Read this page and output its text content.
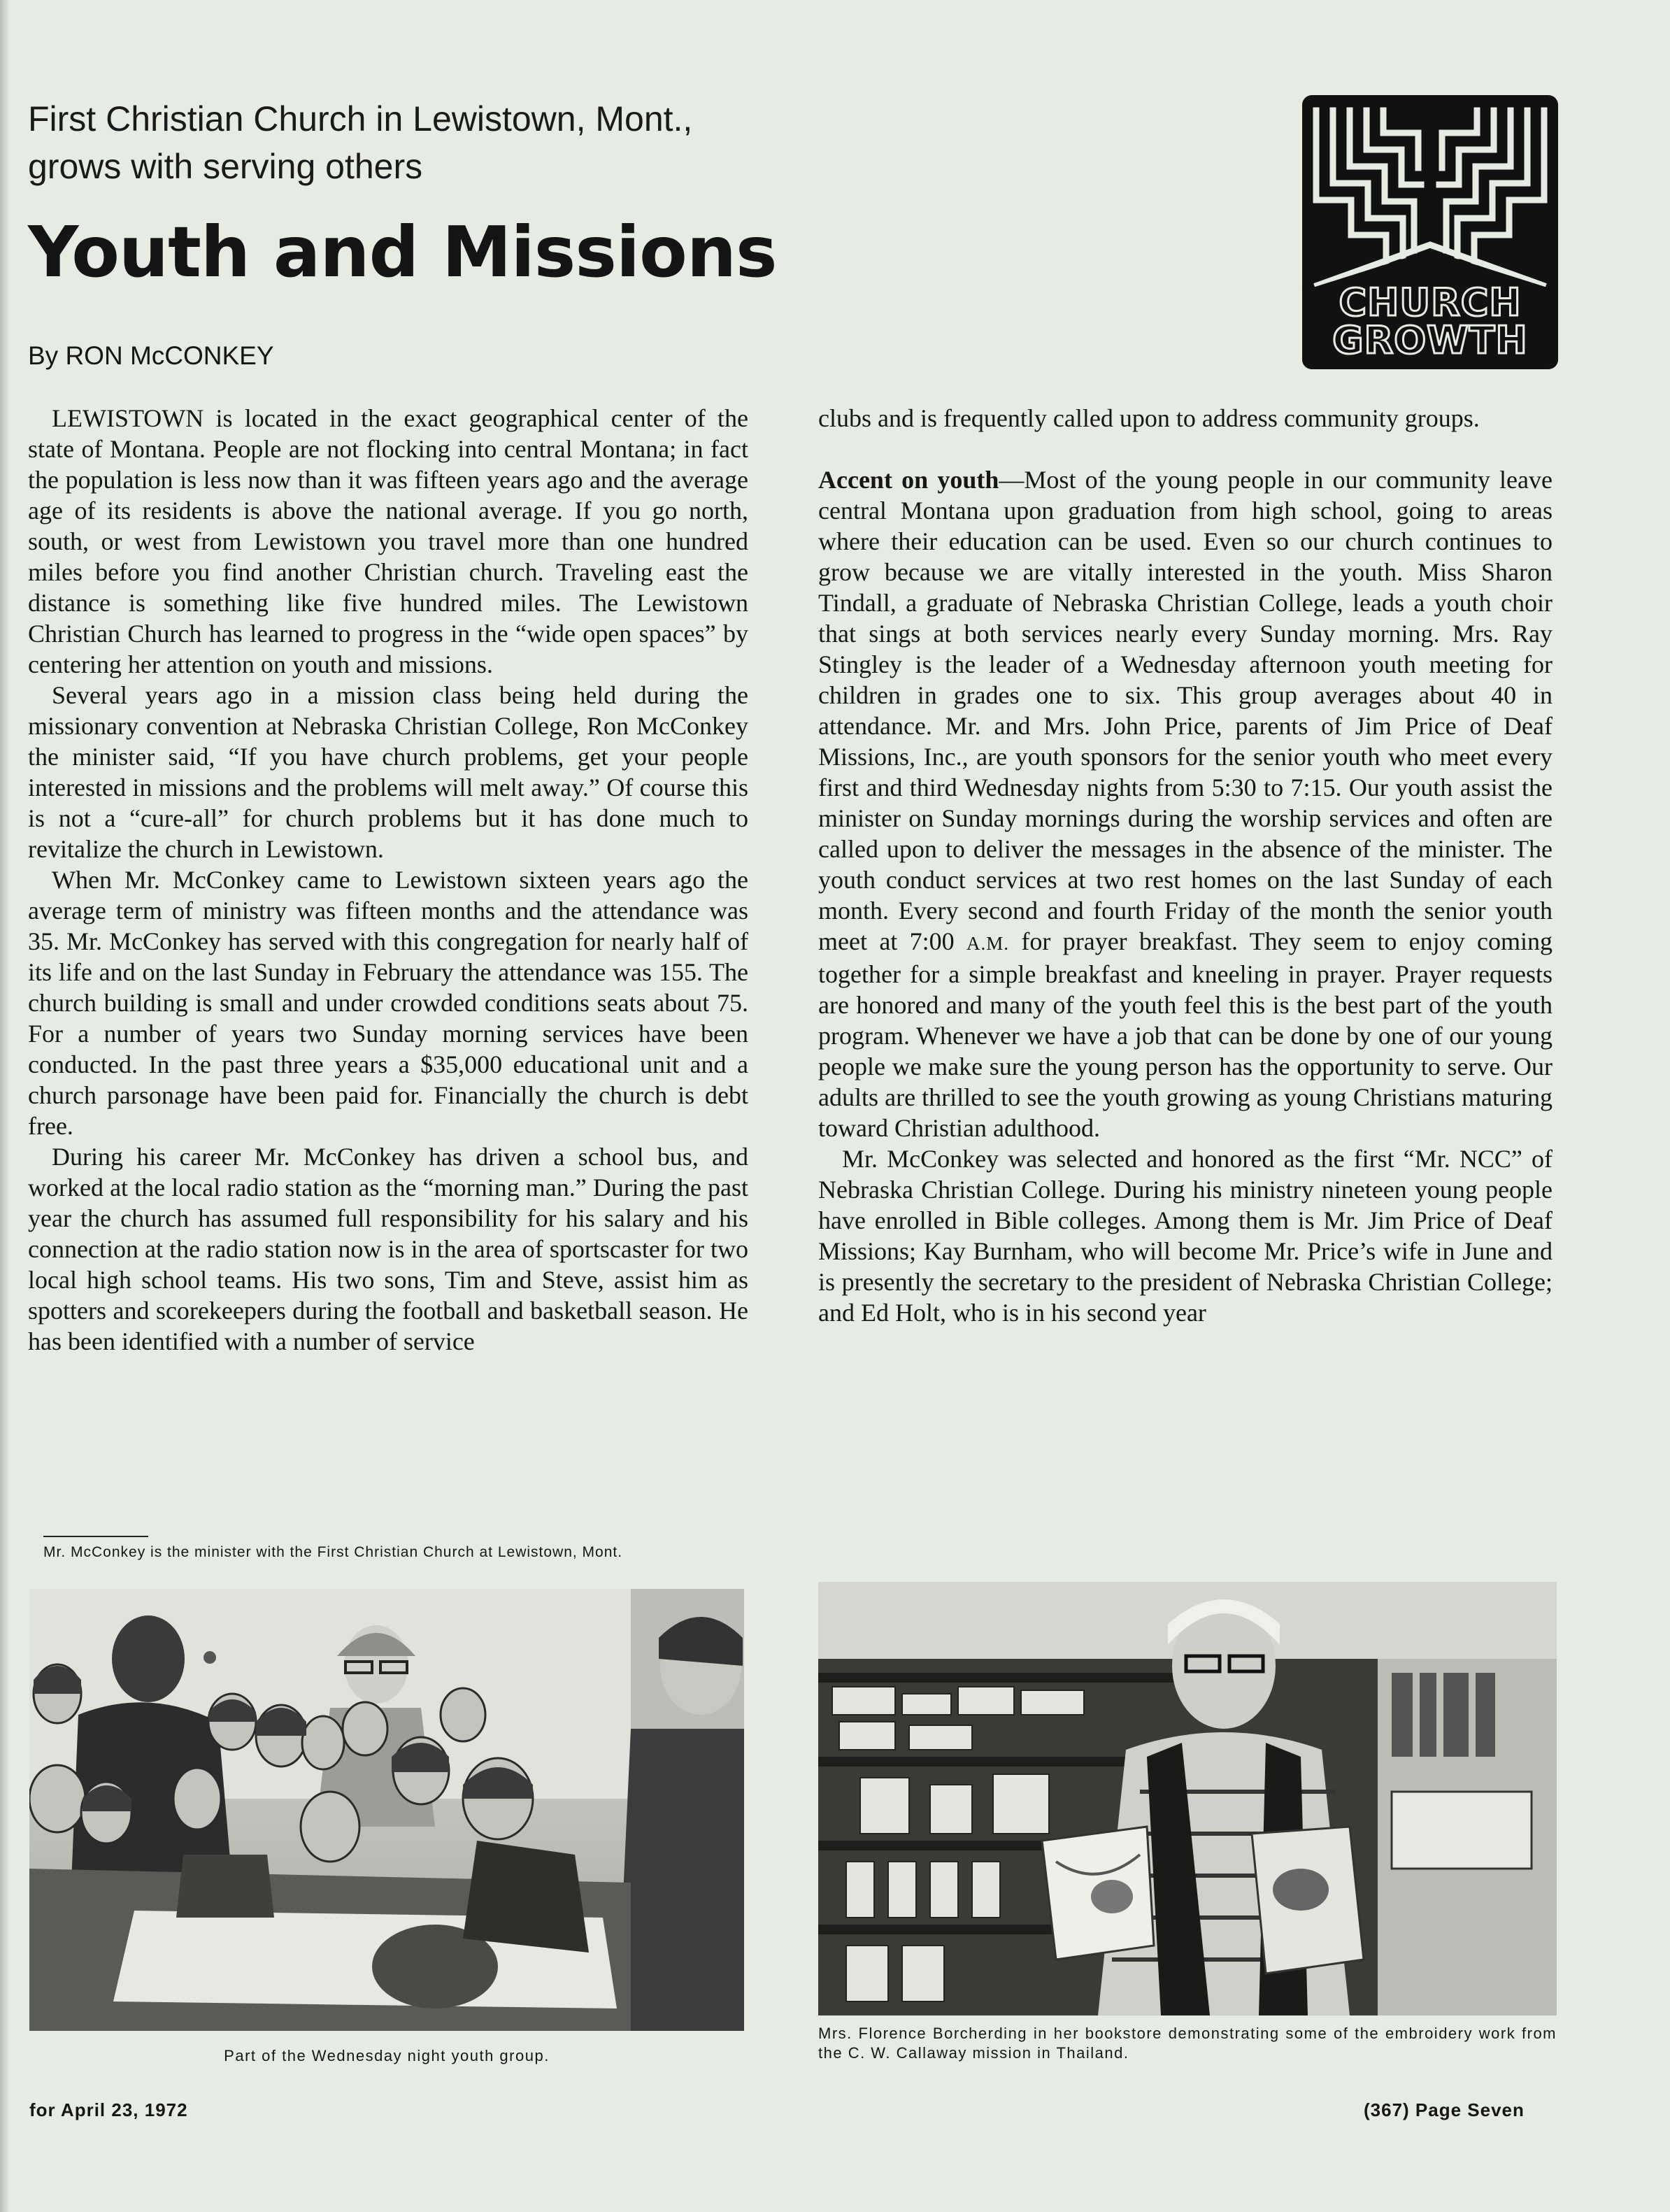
First Christian Church in Lewistown, Mont.,
grows with serving others
Youth and Missions
By RON McCONKEY
CHURCH
GROWTH

LEWISTOWN is located in the exact geographical center of the state of Montana. People are not flocking into central Montana; in fact the population is less now than it was fifteen years ago and the average age of its residents is above the national average. If you go north, south, or west from Lewistown you travel more than one hundred miles before you find another Christian church. Traveling east the distance is something like five hundred miles. The Lewistown Christian Church has learned to progress in the “wide open spaces” by centering her attention on youth and missions.

Several years ago in a mission class being held during the missionary convention at Nebraska Christian College, Ron McConkey the minister said, “If you have church problems, get your people interested in missions and the problems will melt away.” Of course this is not a “cure-all” for church problems but it has done much to revitalize the church in Lewistown.

When Mr. McConkey came to Lewistown sixteen years ago the average term of ministry was fifteen months and the attendance was 35. Mr. McConkey has served with this congregation for nearly half of its life and on the last Sunday in February the attendance was 155. The church building is small and under crowded conditions seats about 75. For a number of years two Sunday morning services have been conducted. In the past three years a $35,000 educational unit and a church parsonage have been paid for. Financially the church is debt free.

During his career Mr. McConkey has driven a school bus, and worked at the local radio station as the “morning man.” During the past year the church has assumed full responsibility for his salary and his connection at the radio station now is in the area of sportscaster for two local high school teams. His two sons, Tim and Steve, assist him as spotters and scorekeepers during the football and basketball season. He has been identified with a number of service

clubs and is frequently called upon to address community groups.

Accent on youth—Most of the young people in our community leave central Montana upon graduation from high school, going to areas where their education can be used. Even so our church continues to grow because we are vitally interested in the youth. Miss Sharon Tindall, a graduate of Nebraska Christian College, leads a youth choir that sings at both services nearly every Sunday morning. Mrs. Ray Stingley is the leader of a Wednesday afternoon youth meeting for children in grades one to six. This group averages about 40 in attendance. Mr. and Mrs. John Price, parents of Jim Price of Deaf Missions, Inc., are youth sponsors for the senior youth who meet every first and third Wednesday nights from 5:30 to 7:15. Our youth assist the minister on Sunday mornings during the worship services and often are called upon to deliver the messages in the absence of the minister. The youth conduct services at two rest homes on the last Sunday of each month. Every second and fourth Friday of the month the senior youth meet at 7:00 A.M. for prayer breakfast. They seem to enjoy coming together for a simple breakfast and kneeling in prayer. Prayer requests are honored and many of the youth feel this is the best part of the youth program. Whenever we have a job that can be done by one of our young people we make sure the young person has the opportunity to serve. Our adults are thrilled to see the youth growing as young Christians maturing toward Christian adulthood.

Mr. McConkey was selected and honored as the first “Mr. NCC” of Nebraska Christian College. During his ministry nineteen young people have enrolled in Bible colleges. Among them is Mr. Jim Price of Deaf Missions; Kay Burnham, who will become Mr. Price’s wife in June and is presently the secretary to the president of Nebraska Christian College; and Ed Holt, who is in his second year

Mr. McConkey is the minister with the First Christian Church at Lewistown, Mont.
Part of the Wednesday night youth group.
Mrs. Florence Borcherding in her bookstore demonstrating some of the embroidery work from the C. W. Callaway mission in Thailand.
for April 23, 1972	(367) Page Seven
